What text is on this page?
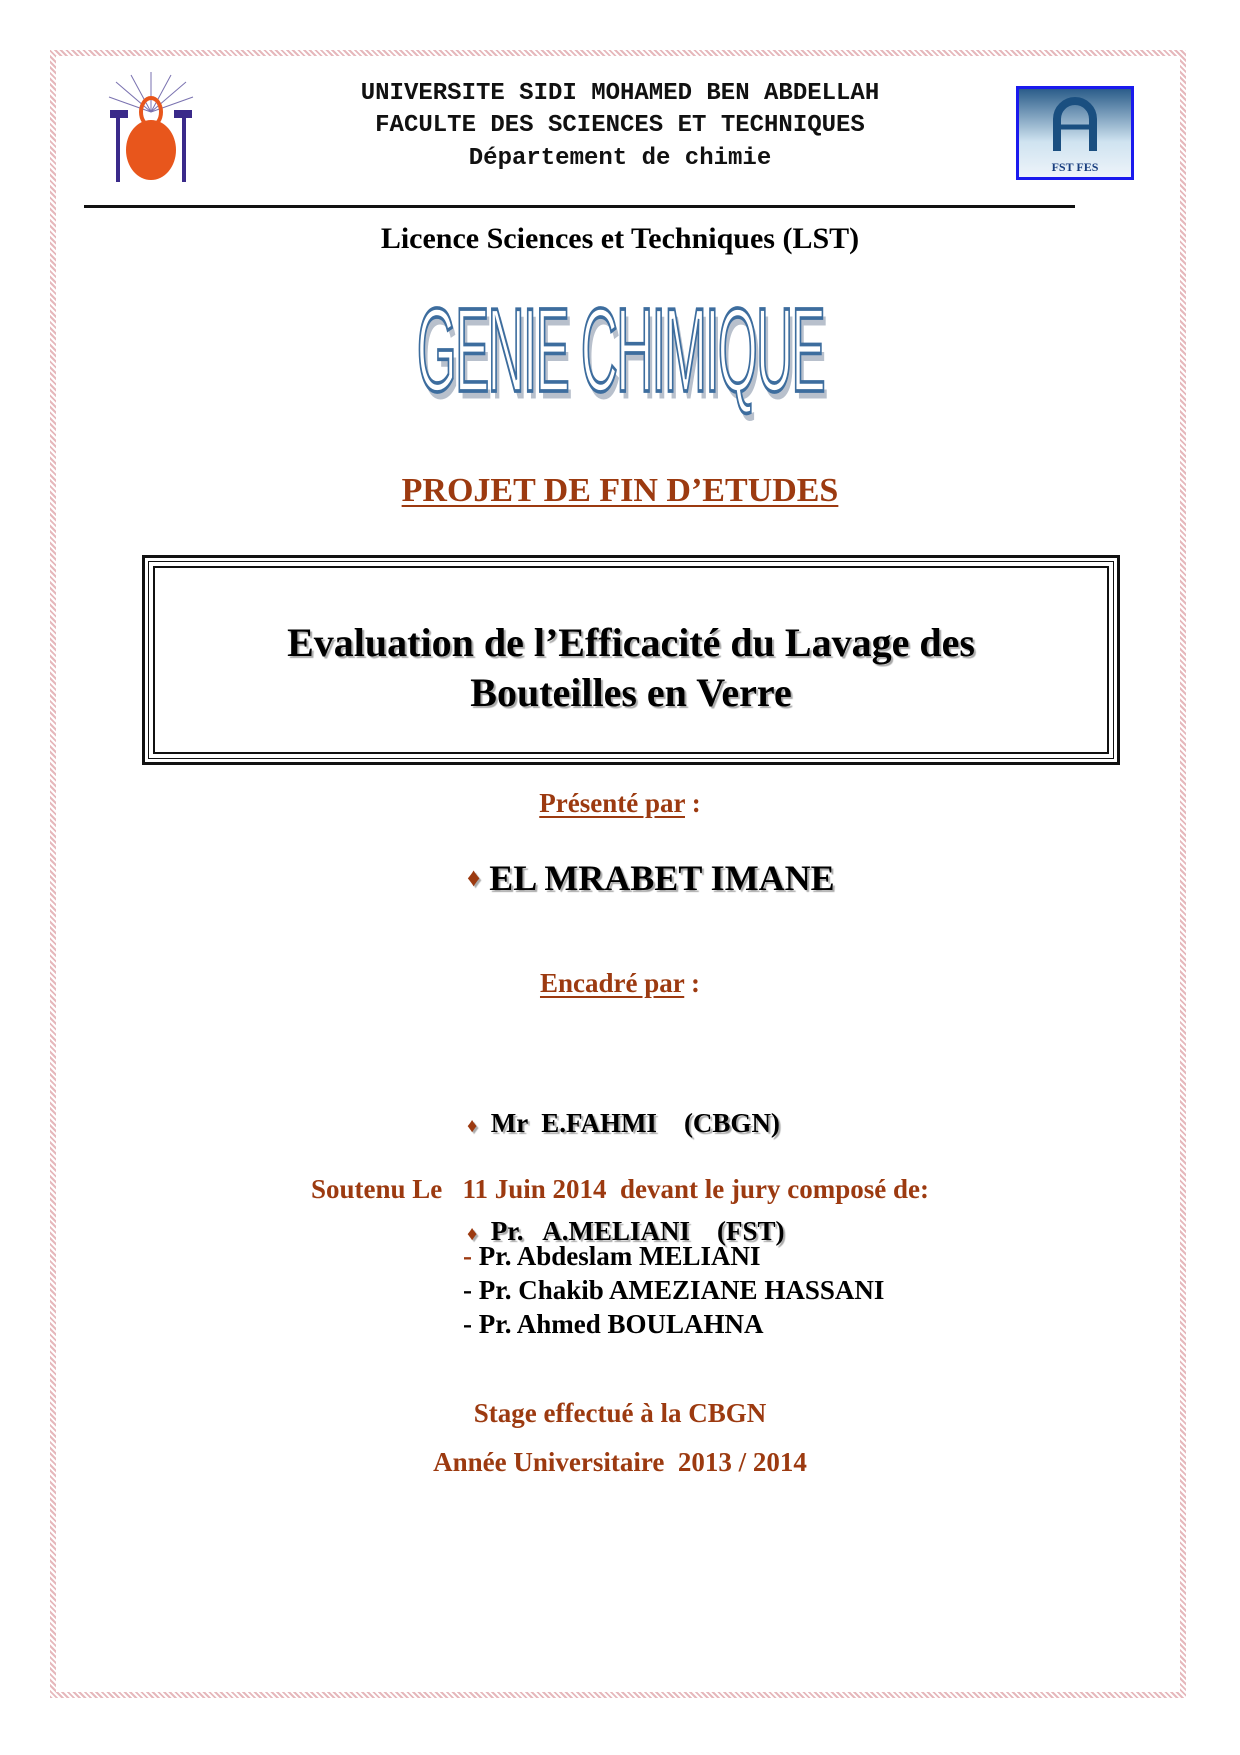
UNIVERSITE SIDI MOHAMED BEN ABDELLAH
FACULTE DES SCIENCES ET TECHNIQUES
Département de chimie	FST FES
Licence Sciences et Techniques (LST)
GENIE CHIMIQUE
PROJET DE FIN D’ETUDES
Evaluation de l’Efficacité du Lavage des
Bouteilles en Verre
Présenté par :
♦ EL MRABET IMANE
Encadré par :

♦ Mr  E.FAHMI    (CBGN)

♦ Pr.   A.MELIANI    (FST)

Soutenu Le   11 Juin 2014  devant le jury composé de:
- Pr. Abdeslam MELIANI
- Pr. Chakib AMEZIANE HASSANI
- Pr. Ahmed BOULAHNA
Stage effectué à la CBGN
Année Universitaire  2013 / 2014
